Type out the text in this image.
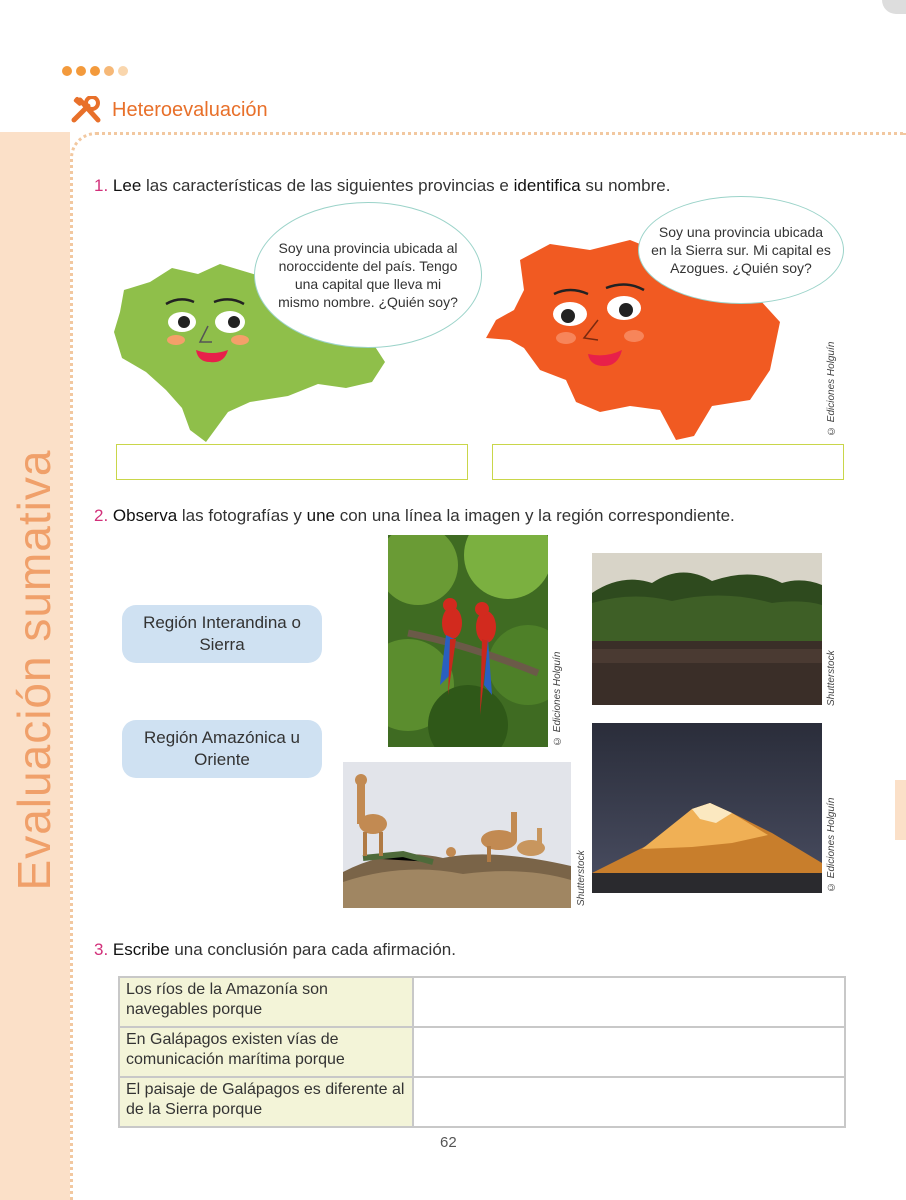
Heteroevaluación
Evaluación sumativa
1. Lee las características de las siguientes provincias e identifica su nombre.
Soy una provincia ubicada al noroccidente del país. Tengo una capital que lleva mi mismo nombre. ¿Quién soy?
Soy una provincia ubicada en la Sierra sur. Mi capital es Azogues. ¿Quién soy?
© Ediciones Holguín
2. Observa las fotografías y une con una línea la imagen y la región correspondiente.
Región Interandina o Sierra
Región Amazónica u Oriente
© Ediciones Holguín	Shutterstock
Shutterstock	© Ediciones Holguín
3. Escribe una conclusión para cada afirmación.
Los ríos de la Amazonía son navegables porque	
En Galápagos existen vías de comunicación marítima porque	
El paisaje de Galápagos es diferente al de la Sierra porque	
62
